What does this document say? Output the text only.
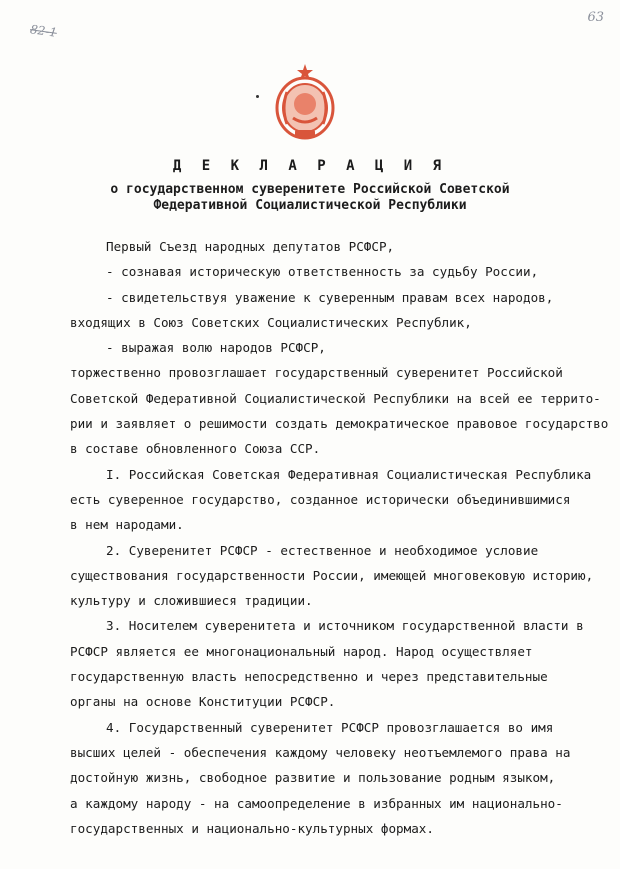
82-1
63
Д Е К Л А Р А Ц И Я
о государственном суверенитете Российской Советской
Федеративной Социалистической Республики
Первый Съезд народных депутатов РСФСР,
- сознавая историческую ответственность за судьбу России,
- свидетельствуя уважение к суверенным правам всех народов,
входящих в Союз Советских Социалистических Республик,
- выражая волю народов РСФСР,
торжественно провозглашает государственный суверенитет Российской
Советской Федеративной Социалистической Республики на всей ее террито-
рии и заявляет о решимости создать демократическое правовое государство
в составе обновленного Союза ССР.
I. Российская Советская Федеративная Социалистическая Республика
есть суверенное государство, созданное исторически объединившимися
в нем народами.
2. Суверенитет РСФСР - естественное и необходимое условие
существования государственности России, имеющей многовековую историю,
культуру и сложившиеся традиции.
3. Носителем суверенитета и источником государственной власти в
РСФСР является ее многонациональный народ. Народ осуществляет
государственную власть непосредственно и через представительные
органы на основе Конституции РСФСР.
4. Государственный суверенитет РСФСР провозглашается во имя
высших целей - обеспечения каждому человеку неотъемлемого права на
достойную жизнь, свободное развитие и пользование родным языком,
а каждому народу - на самоопределение в избранных им национально-
государственных и национально-культурных формах.
